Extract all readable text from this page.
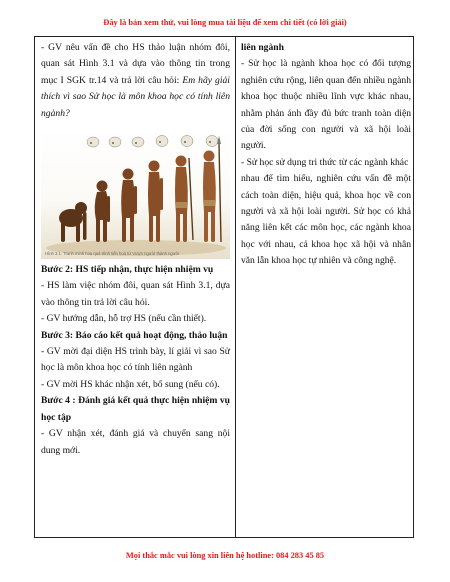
Đây là bản xem thử, vui lòng mua tài liệu để xem chi tiết (có lời giải)

- GV nêu vấn đề cho HS thảo luận nhóm đôi, quan sát Hình 3.1 và dựa vào thông tin trong mục I SGK tr.14 và trả lời câu hỏi: Em hãy giải thích vì sao Sử học là môn khoa học có tính liên ngành?

Hình 3.1. Tranh minh hoạ quá trình tiến hoá từ Vượn người thành người

Bước 2: HS tiếp nhận, thực hiện nhiệm vụ

- HS làm việc nhóm đôi, quan sát Hình 3.1, dựa vào thông tin trả lời câu hỏi.

- GV hướng dẫn, hỗ trợ HS (nếu cần thiết).

Bước 3: Báo cáo kết quả hoạt động, thảo luận

- GV mời đại diện HS trình bày, lí giải vì sao Sử học là môn khoa học có tính liên ngành

- GV mời HS khác nhận xét, bổ sung (nếu có).

Bước 4 : Đánh giá kết quả thực hiện nhiệm vụ học tập

- GV nhận xét, đánh giá và chuyển sang nội dung mới.

liên ngành

- Sử học là ngành khoa học có đối tượng nghiên cứu rộng, liên quan đến nhiều ngành khoa học thuộc nhiều lĩnh vực khác nhau, nhằm phản ánh đầy đủ bức tranh toàn diện của đời sống con người và xã hội loài người.

- Sử học sử dụng tri thức từ các ngành khác

nhau để tìm hiểu, nghiên cứu vấn đề một cách toàn diện, hiệu quả, khoa học về con người và xã hội loài người. Sử học có khả năng liên kết các môn học, các ngành khoa học với nhau, cả khoa học xã hội và nhân văn lẫn khoa học tự nhiên và công nghệ.

Mọi thắc mắc vui lòng xin liên hệ hotline: 084 283 45 85
